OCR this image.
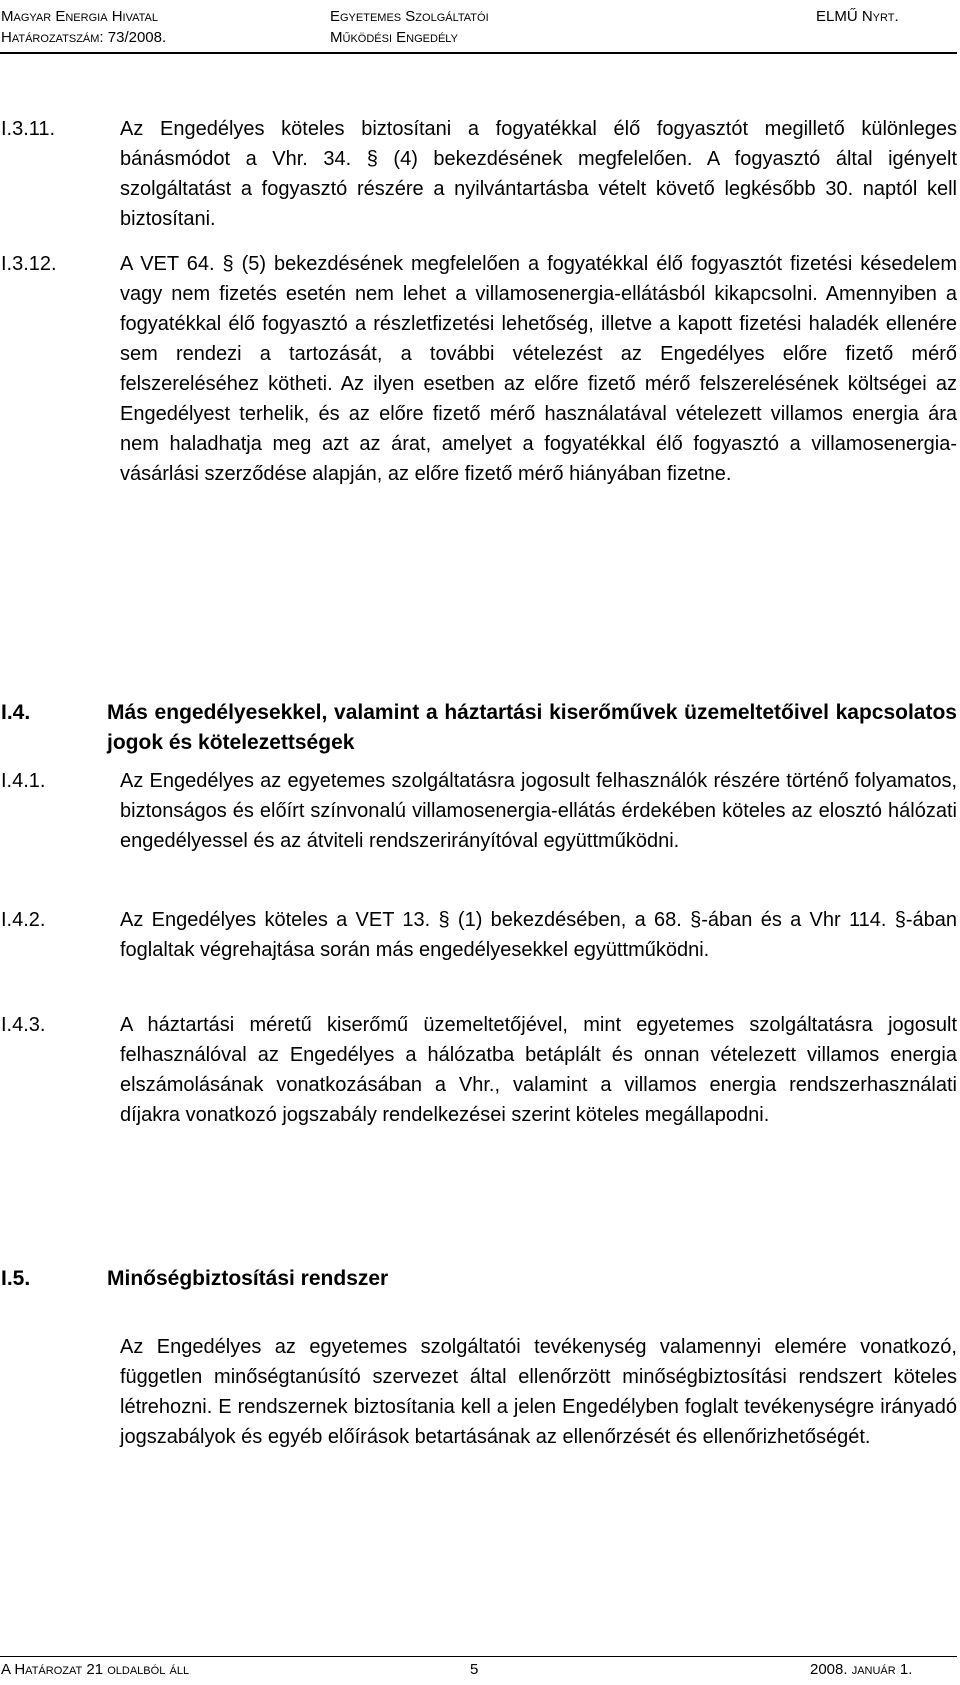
Magyar Energia Hivatal
Határozatszám: 73/2008.
Egyetemes Szolgáltatói
Működési Engedély
ELMŰ Nyrt.
I.3.11.	Az Engedélyes köteles biztosítani a fogyatékkal élő fogyasztót megillető különleges bánásmódot a Vhr. 34. § (4) bekezdésének megfelelően. A fogyasztó által igényelt szolgáltatást a fogyasztó részére a nyilvántartásba vételt követő legkésőbb 30. naptól kell biztosítani.
I.3.12.	A VET 64. § (5) bekezdésének megfelelően a fogyatékkal élő fogyasztót fizetési késedelem vagy nem fizetés esetén nem lehet a villamosenergia-ellátásból kikapcsolni. Amennyiben a fogyatékkal élő fogyasztó a részletfizetési lehetőség, illetve a kapott fizetési haladék ellenére sem rendezi a tartozását, a további vételezést az Engedélyes előre fizető mérő felszereléséhez kötheti. Az ilyen esetben az előre fizető mérő felszerelésének költségei az Engedélyest terhelik, és az előre fizető mérő használatával vételezett villamos energia ára nem haladhatja meg azt az árat, amelyet a fogyatékkal élő fogyasztó a villamosenergia-vásárlási szerződése alapján, az előre fizető mérő hiányában fizetne.
I.4.	Más engedélyesekkel, valamint a háztartási kiserőművek üzemeltetőivel kapcsolatos jogok és kötelezettségek
I.4.1.	Az Engedélyes az egyetemes szolgáltatásra jogosult felhasználók részére történő folyamatos, biztonságos és előírt színvonalú villamosenergia-ellátás érdekében köteles az elosztó hálózati engedélyessel és az átviteli rendszerirányítóval együttműködni.
I.4.2.	Az Engedélyes köteles a VET 13. § (1) bekezdésében, a 68. §-ában és a Vhr 114. §-ában foglaltak végrehajtása során más engedélyesekkel együttműködni.
I.4.3.	A háztartási méretű kiserőmű üzemeltetőjével, mint egyetemes szolgáltatásra jogosult felhasználóval az Engedélyes a hálózatba betáplált és onnan vételezett villamos energia elszámolásának vonatkozásában a Vhr., valamint a villamos energia rendszerhasználati díjakra vonatkozó jogszabály rendelkezései szerint köteles megállapodni.
I.5.	Minőségbiztosítási rendszer
Az Engedélyes az egyetemes szolgáltatói tevékenység valamennyi elemére vonatkozó, független minőségtanúsító szervezet által ellenőrzött minőségbiztosítási rendszert köteles létrehozni. E rendszernek biztosítania kell a jelen Engedélyben foglalt tevékenységre irányadó jogszabályok és egyéb előírások betartásának az ellenőrzését és ellenőrizhetőségét.
A Határozat 21 oldalból áll	5	2008. január 1.
